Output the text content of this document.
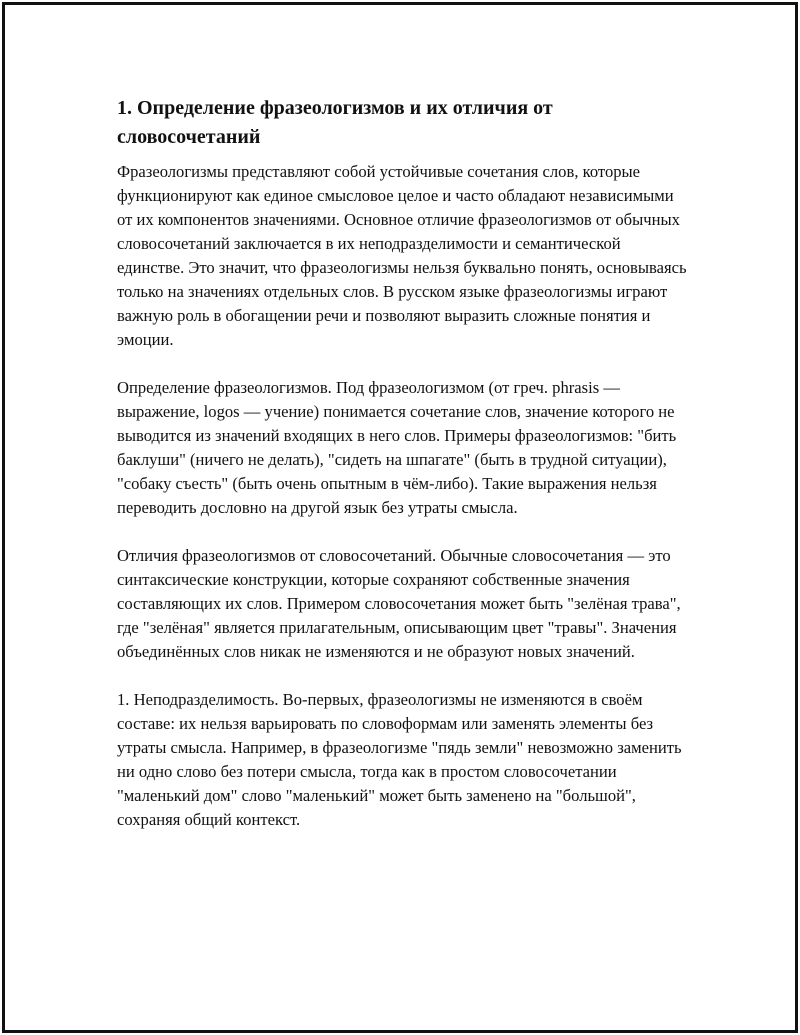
1. Определение фразеологизмов и их отличия от словосочетаний

Фразеологизмы представляют собой устойчивые сочетания слов, которые функционируют как единое смысловое целое и часто обладают независимыми от их компонентов значениями. Основное отличие фразеологизмов от обычных словосочетаний заключается в их неподразделимости и семантической единстве. Это значит, что фразеологизмы нельзя буквально понять, основываясь только на значениях отдельных слов. В русском языке фразеологизмы играют важную роль в обогащении речи и позволяют выразить сложные понятия и эмоции.

Определение фразеологизмов. Под фразеологизмом (от греч. phrasis — выражение, logos — учение) понимается сочетание слов, значение которого не выводится из значений входящих в него слов. Примеры фразеологизмов: "бить баклуши" (ничего не делать), "сидеть на шпагате" (быть в трудной ситуации), "собаку съесть" (быть очень опытным в чём-либо). Такие выражения нельзя переводить дословно на другой язык без утраты смысла.

Отличия фразеологизмов от словосочетаний. Обычные словосочетания — это синтаксические конструкции, которые сохраняют собственные значения составляющих их слов. Примером словосочетания может быть "зелёная трава", где "зелёная" является прилагательным, описывающим цвет "травы". Значения объединённых слов никак не изменяются и не образуют новых значений.

1. Неподразделимость. Во-первых, фразеологизмы не изменяются в своём составе: их нельзя варьировать по словоформам или заменять элементы без утраты смысла. Например, в фразеологизме "пядь земли" невозможно заменить ни одно слово без потери смысла, тогда как в простом словосочетании "маленький дом" слово "маленький" может быть заменено на "большой", сохраняя общий контекст.
